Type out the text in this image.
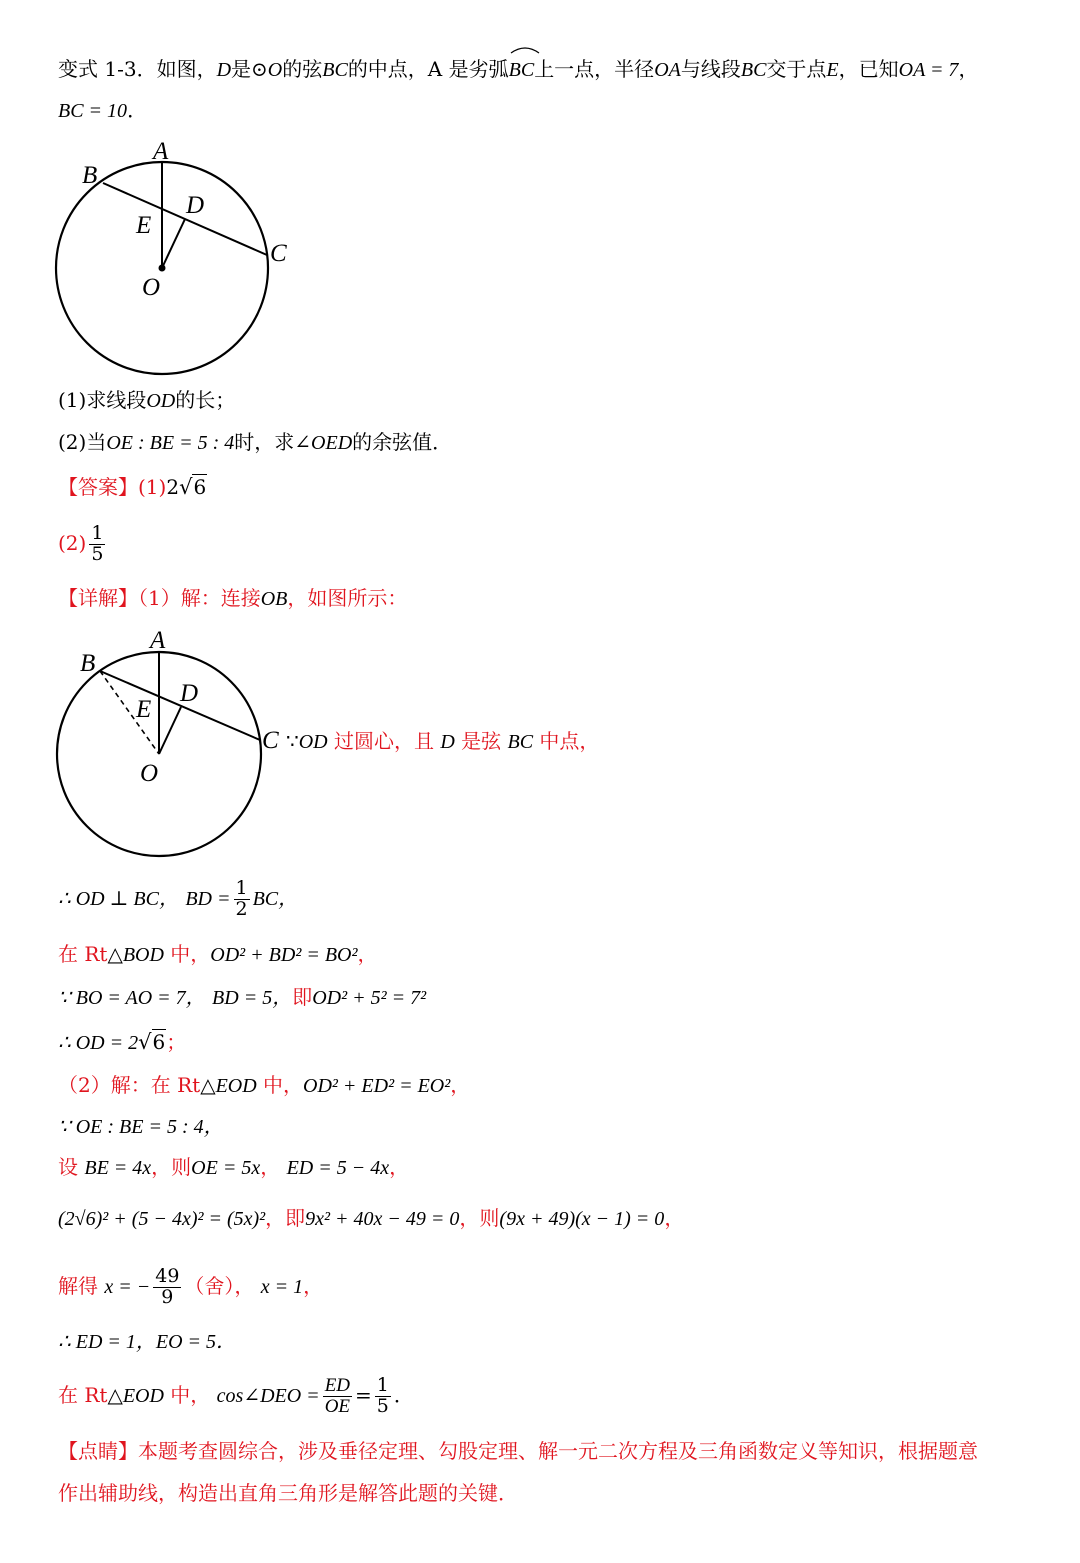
变式 1-3．如图，D是⊙O的弦BC的中点，A 是劣弧
BC上一点，半径OA与线段BC交于点E，已知OA = 7，
BC = 10．
A
B
C
D
E
O
(1)求线段OD的长；
(2)当OE : BE = 5 : 4时，求∠OED的余弦值．
【答案】(1)2√6
$(2) \frac{1}{5}$
【详解】（1）解：连接OB，如图所示：
A
B
C
D
E
O
∵OD 过圆心，且 D 是弦 BC 中点，
∴ OD ⊥ BC， BD = $\frac{1}{2}$ BC，
在 Rt△BOD 中，OD² + BD² = BO²，
∵ BO = AO = 7， BD = 5，即OD² + 5² = 7²
∴ OD = 2√6；
（2）解：在 Rt△EOD 中，OD² + ED² = EO²，
∵ OE : BE = 5 : 4，
设 BE = 4x，则OE = 5x， ED = 5 − 4x，
(2√6)² + (5 − 4x)² = (5x)²，即9x² + 40x − 49 = 0，则(9x + 49)(x − 1) = 0，
解得 x = − $\frac{49}{9}$ （舍）， x = 1，
∴ ED = 1，EO = 5．
在 Rt△EOD 中， cos∠DEO = $\frac{ED}{OE} = \frac{1}{5}$ ．
【点睛】本题考查圆综合，涉及垂径定理、勾股定理、解一元二次方程及三角函数定义等知识，根据题意
作出辅助线，构造出直角三角形是解答此题的关键．
